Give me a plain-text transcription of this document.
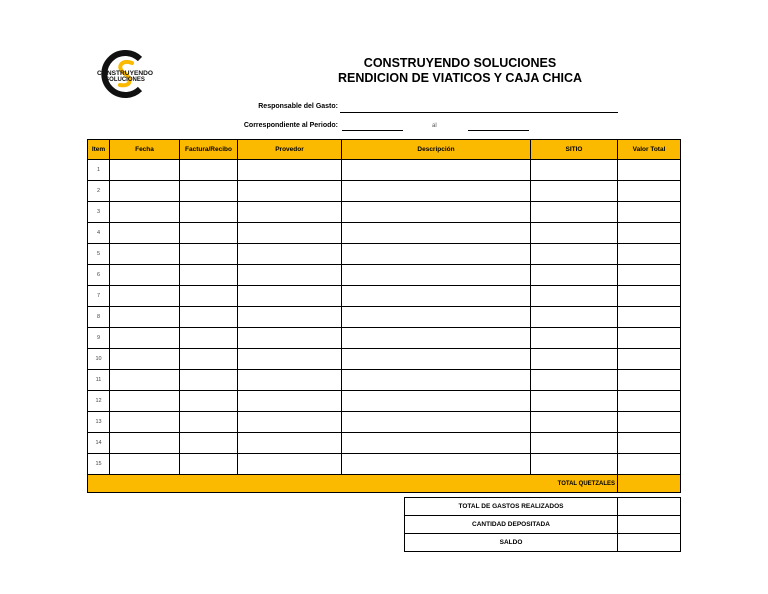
CONSTRUYENDO
SOLUCIONES
CONSTRUYENDO SOLUCIONES
RENDICION DE VIATICOS Y CAJA CHICA
Responsable del Gasto:
Correspondiente al Periodo:	al
Item	Fecha	Factura/Recibo	Provedor	Descripción	SITIO	Valor Total
1						
2						
3						
4						
5						
6						
7						
8						
9						
10						
11						
12						
13						
14						
15						
TOTAL QUETZALES						
TOTAL DE GASTOS REALIZADOS	
CANTIDAD DEPOSITADA	
SALDO	
